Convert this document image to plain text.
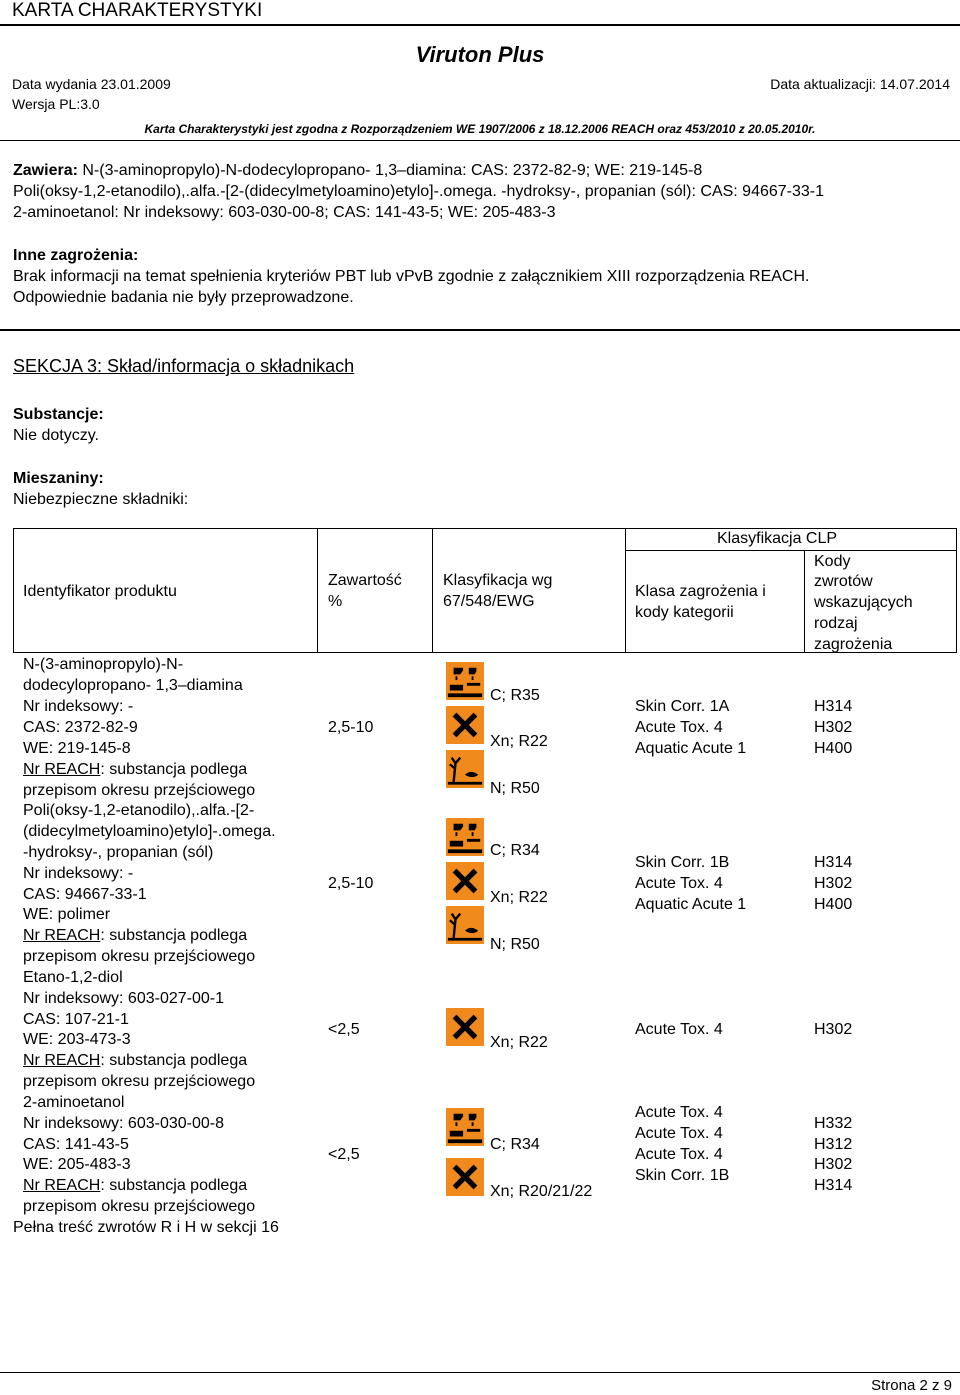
KARTA CHARAKTERYSTYKI
Viruton Plus
Data wydania 23.01.2009	Data aktualizacji: 14.07.2014
Wersja PL:3.0
Karta Charakterystyki jest zgodna z Rozporządzeniem WE 1907/2006 z 18.12.2006 REACH oraz 453/2010 z 20.05.2010r.
Zawiera: N-(3-aminopropylo)-N-dodecylopropano- 1,3–diamina: CAS: 2372-82-9; WE: 219-145-8
Poli(oksy-1,2-etanodilo),.alfa.-[2-(didecylmetyloamino)etylo]-.omega. -hydroksy-, propanian (sól): CAS: 94667-33-1
2-aminoetanol: Nr indeksowy: 603-030-00-8; CAS: 141-43-5; WE: 205-483-3
Inne zagrożenia:
Brak informacji na temat spełnienia kryteriów PBT lub vPvB zgodnie z załącznikiem XIII rozporządzenia REACH.
Odpowiednie badania nie były przeprowadzone.
SEKCJA 3: Skład/informacja o składnikach
Substancje:
Nie dotyczy.
Mieszaniny:
Niebezpieczne składniki:
Identyfikator produktu
Zawartość
%
Klasyfikacja wg
67/548/EWG
Klasyfikacja CLP
Klasa zagrożenia i
kody kategorii
Kody
zwrotów
wskazujących
rodzaj
zagrożenia
N-(3-aminopropylo)-N-
dodecylopropano- 1,3–diamina
Nr indeksowy: -
CAS: 2372-82-9
WE: 219-145-8
Nr REACH: substancja podlega
przepisom okresu przejściowego
2,5-10
C; R35
Xn; R22
N; R50
Skin Corr. 1A
Acute Tox. 4
Aquatic Acute 1
H314
H302
H400
Poli(oksy-1,2-etanodilo),.alfa.-[2-
(didecylmetyloamino)etylo]-.omega.
-hydroksy-, propanian (sól)
Nr indeksowy: -
CAS: 94667-33-1
WE: polimer
Nr REACH: substancja podlega
przepisom okresu przejściowego
2,5-10
C; R34
Xn; R22
N; R50
Skin Corr. 1B
Acute Tox. 4
Aquatic Acute 1
H314
H302
H400
Etano-1,2-diol
Nr indeksowy: 603-027-00-1
CAS: 107-21-1
WE: 203-473-3
Nr REACH: substancja podlega
przepisom okresu przejściowego
<2,5
Xn; R22
Acute Tox. 4	H302
2-aminoetanol
Nr indeksowy: 603-030-00-8
CAS: 141-43-5
WE: 205-483-3
Nr REACH: substancja podlega
przepisom okresu przejściowego
<2,5
C; R34
Xn; R20/21/22
Acute Tox. 4
Acute Tox. 4
Acute Tox. 4
Skin Corr. 1B
H332
H312
H302
H314
Pełna treść zwrotów R i H w sekcji 16
Strona 2 z 9
